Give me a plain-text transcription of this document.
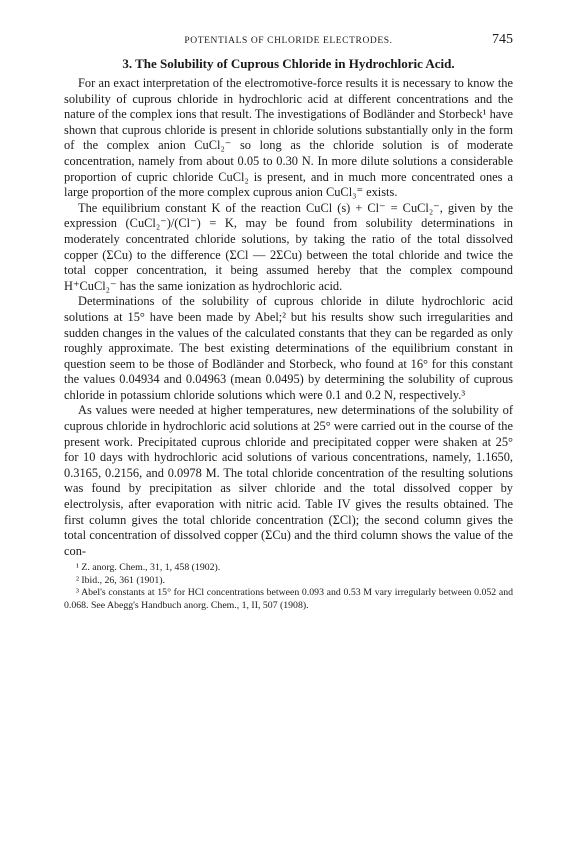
POTENTIALS OF CHLORIDE ELECTRODES.	745
3. The Solubility of Cuprous Chloride in Hydrochloric Acid.

For an exact interpretation of the electromotive-force results it is necessary to know the solubility of cuprous chloride in hydrochloric acid at different concentrations and the nature of the complex ions that result. The investigations of Bodländer and Storbeck¹ have shown that cuprous chloride is present in chloride solutions substantially only in the form of the complex anion CuCl₂⁻ so long as the chloride solution is of moderate concentration, namely from about 0.05 to 0.30 N. In more dilute solutions a considerable proportion of cupric chloride CuCl₂ is present, and in much more concentrated ones a large proportion of the more complex cuprous anion CuCl₃⁼ exists.

The equilibrium constant K of the reaction CuCl (s) + Cl⁻ = CuCl₂⁻, given by the expression (CuCl₂⁻)/(Cl⁻) = K, may be found from solubility determinations in moderately concentrated chloride solutions, by taking the ratio of the total dissolved copper (ΣCu) to the difference (ΣCl — 2ΣCu) between the total chloride and twice the total copper concentration, it being assumed hereby that the complex compound H⁺CuCl₂⁻ has the same ionization as hydrochloric acid.

Determinations of the solubility of cuprous chloride in dilute hydrochloric acid solutions at 15° have been made by Abel;² but his results show such irregularities and sudden changes in the values of the calculated constants that they can be regarded as only roughly approximate. The best existing determinations of the equilibrium constant in question seem to be those of Bodländer and Storbeck, who found at 16° for this constant the values 0.04934 and 0.04963 (mean 0.0495) by determining the solubility of cuprous chloride in potassium chloride solutions which were 0.1 and 0.2 N, respectively.³

As values were needed at higher temperatures, new determinations of the solubility of cuprous chloride in hydrochloric acid solutions at 25° were carried out in the course of the present work. Precipitated cuprous chloride and precipitated copper were shaken at 25° for 10 days with hydrochloric acid solutions of various concentrations, namely, 1.1650, 0.3165, 0.2156, and 0.0978 M. The total chloride concentration of the resulting solutions was found by precipitation as silver chloride and the total dissolved copper by electrolysis, after evaporation with nitric acid. Table IV gives the results obtained. The first column gives the total chloride concentration (ΣCl); the second column gives the total concentration of dissolved copper (ΣCu) and the third column shows the value of the con-

¹ Z. anorg. Chem., 31, 1, 458 (1902).

² Ibid., 26, 361 (1901).

³ Abel's constants at 15° for HCl concentrations between 0.093 and 0.53 M vary irregularly between 0.052 and 0.068. See Abegg's Handbuch anorg. Chem., 1, II, 507 (1908).
